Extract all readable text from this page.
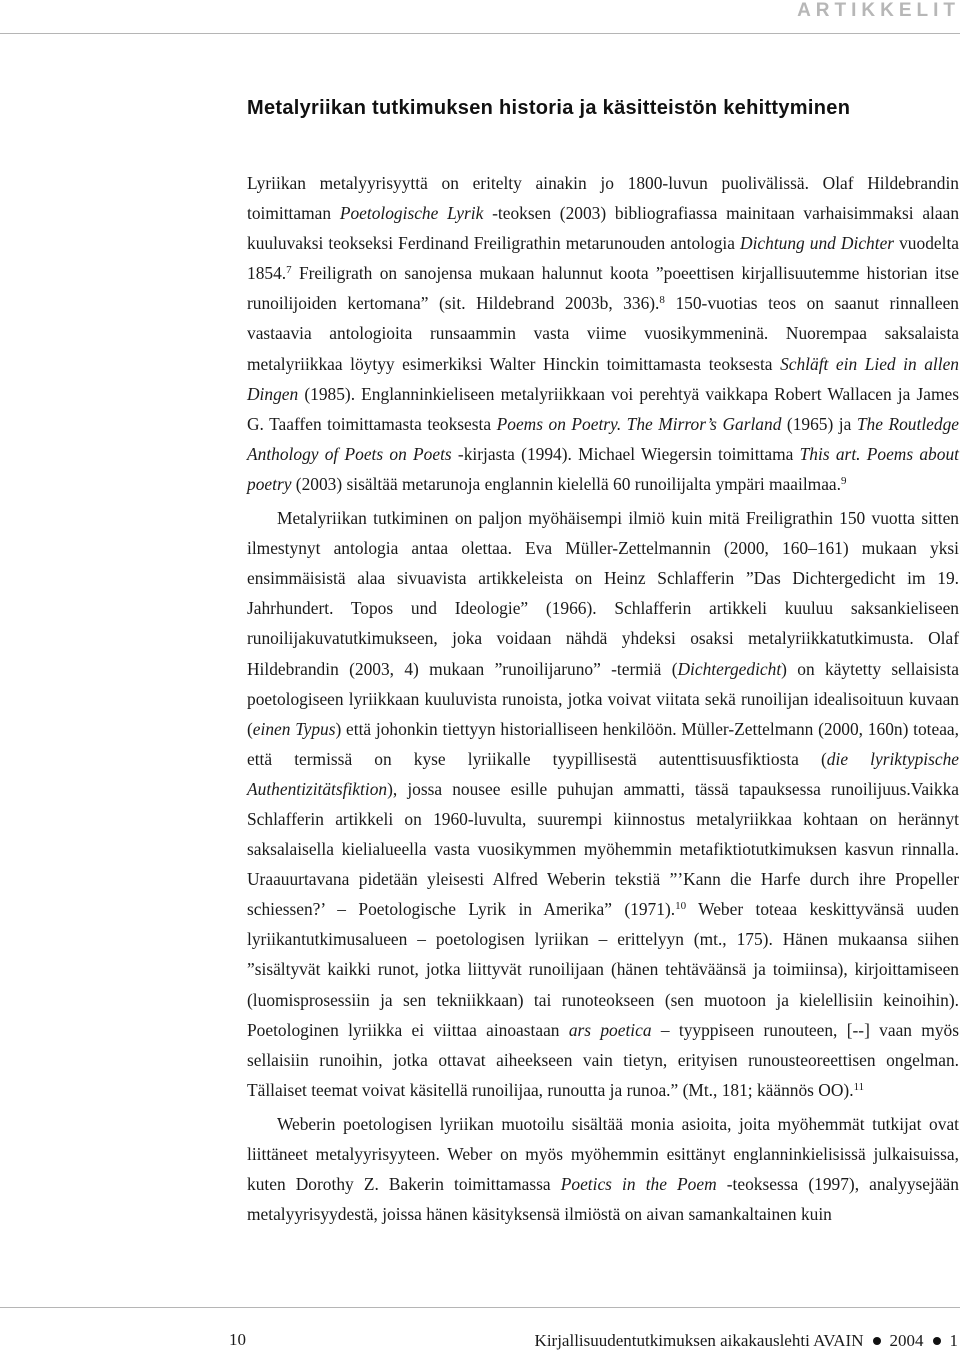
ARTIKKELIT
Metalyriikan tutkimuksen historia ja käsitteistön kehittyminen

Lyriikan metalyyrisyyttä on eritelty ainakin jo 1800-luvun puolivälissä. Olaf Hildebrandin toimittaman Poetologische Lyrik -teoksen (2003) bibliografiassa mainitaan varhaisimmaksi alaan kuuluvaksi teokseksi Ferdinand Freiligrathin metarunouden antologia Dichtung und Dichter vuodelta 1854.$^7$ Freiligrath on sanojensa mukaan halunnut koota ”poeettisen kirjallisuutemme historian itse runoilijoiden kertomana” (sit. Hildebrand 2003b, 336).$^8$ 150-vuotias teos on saanut rinnalleen vastaavia antologioita runsaammin vasta viime vuosikymmeninä. Nuorempaa saksalaista metalyriikkaa löytyy esimerkiksi Walter Hinckin toimittamasta teoksesta Schläft ein Lied in allen Dingen (1985). Englanninkieliseen metalyriikkaan voi perehtyä vaikkapa Robert Wallacen ja James G. Taaffen toimittamasta teoksesta Poems on Poetry. The Mirror’s Garland (1965) ja The Routledge Anthology of Poets on Poets -kirjasta (1994). Michael Wiegersin toimittama This art. Poems about poetry (2003) sisältää metarunoja englannin kielellä 60 runoilijalta ympäri maailmaa.$^9$

Metalyriikan tutkiminen on paljon myöhäisempi ilmiö kuin mitä Freiligrathin 150 vuotta sitten ilmestynyt antologia antaa olettaa. Eva Müller-Zettelmannin (2000, 160–161) mukaan yksi ensimmäisistä alaa sivuavista artikkeleista on Heinz Schlafferin ”Das Dichtergedicht im 19. Jahrhundert. Topos und Ideologie” (1966). Schlafferin artikkeli kuuluu saksankieliseen runoilijakuvatutkimukseen, joka voidaan nähdä yhdeksi osaksi metalyriikkatutkimusta. Olaf Hildebrandin (2003, 4) mukaan ”runoilijaruno” -termiä (Dichtergedicht) on käytetty sellaisista poetologiseen lyriikkaan kuuluvista runoista, jotka voivat viitata sekä runoilijan idealisoituun kuvaan (einen Typus) että johonkin tiettyyn historialliseen henkilöön. Müller-Zettelmann (2000, 160n) toteaa, että termissä on kyse lyriikalle tyypillisestä autenttisuusfiktiosta (die lyriktypische Authentizitätsfiktion), jossa nousee esille puhujan ammatti, tässä tapauksessa runoilijuus.Vaikka Schlafferin artikkeli on 1960-luvulta, suurempi kiinnostus metalyriikkaa kohtaan on herännyt saksalaisella kielialueella vasta vuosikymmen myöhemmin metafiktiotutkimuksen kasvun rinnalla. Uraauurtavana pidetään yleisesti Alfred Weberin tekstiä ”’Kann die Harfe durch ihre Propeller schiessen?’ – Poetologische Lyrik in Amerika” (1971).$^{10}$ Weber toteaa keskittyvänsä uuden lyriikantutkimusalueen – poetologisen lyriikan – erittelyyn (mt., 175). Hänen mukaansa siihen ”sisältyvät kaikki runot, jotka liittyvät runoilijaan (hänen tehtäväänsä ja toimiinsa), kirjoittamiseen (luomisprosessiin ja sen tekniikkaan) tai runoteokseen (sen muotoon ja kielellisiin keinoihin). Poetologinen lyriikka ei viittaa ainoastaan ars poetica – tyyppiseen runouteen, [--] vaan myös sellaisiin runoihin, jotka ottavat aiheekseen vain tietyn, erityisen runousteoreettisen ongelman. Tällaiset teemat voivat käsitellä runoilijaa, runoutta ja runoa.” (Mt., 181; käännös OO).$^{11}$

Weberin poetologisen lyriikan muotoilu sisältää monia asioita, joita myöhemmät tutkijat ovat liittäneet metalyyrisyyteen. Weber on myös myöhemmin esittänyt englanninkielisissä julkaisuissa, kuten Dorothy Z. Bakerin toimittamassa Poetics in the Poem -teoksessa (1997), analyysejään metalyyrisyydestä, joissa hänen käsityksensä ilmiöstä on aivan samankaltainen kuin

10	Kirjallisuudentutkimuksen aikakauslehti AVAIN 2004 1
